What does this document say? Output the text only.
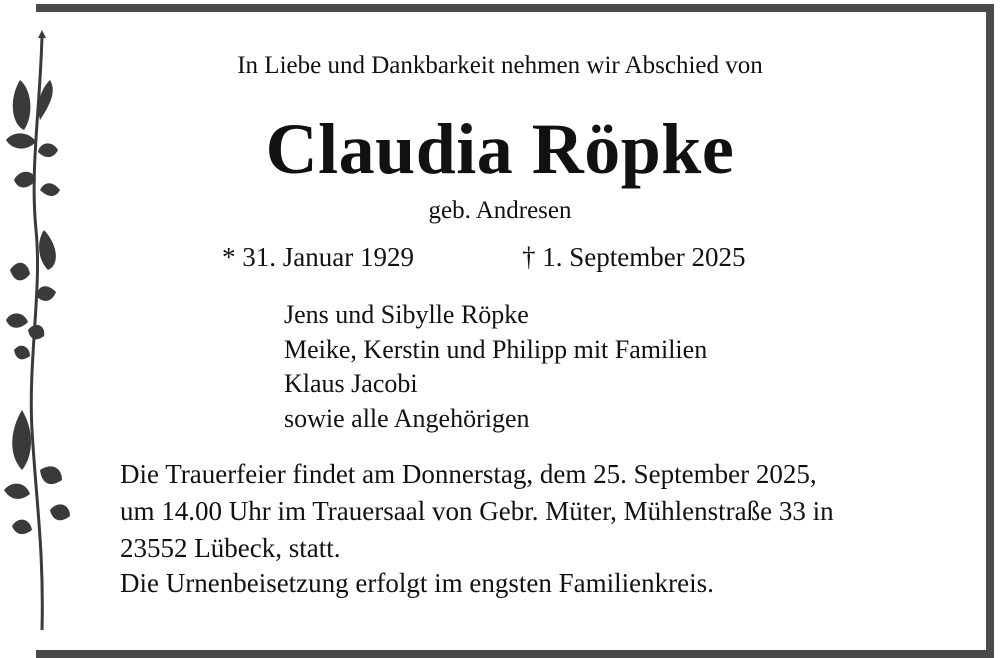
In Liebe und Dankbarkeit nehmen wir Abschied von
Claudia Röpke
geb. Andresen
* 31. Januar 1929	† 1. September 2025
Jens und Sibylle Röpke
Meike, Kerstin und Philipp mit Familien
Klaus Jacobi
sowie alle Angehörigen
Die Trauerfeier findet am Donnerstag, dem 25. September 2025,
um 14.00 Uhr im Trauersaal von Gebr. Müter, Mühlenstraße 33 in
23552 Lübeck, statt.
Die Urnenbeisetzung erfolgt im engsten Familienkreis.
